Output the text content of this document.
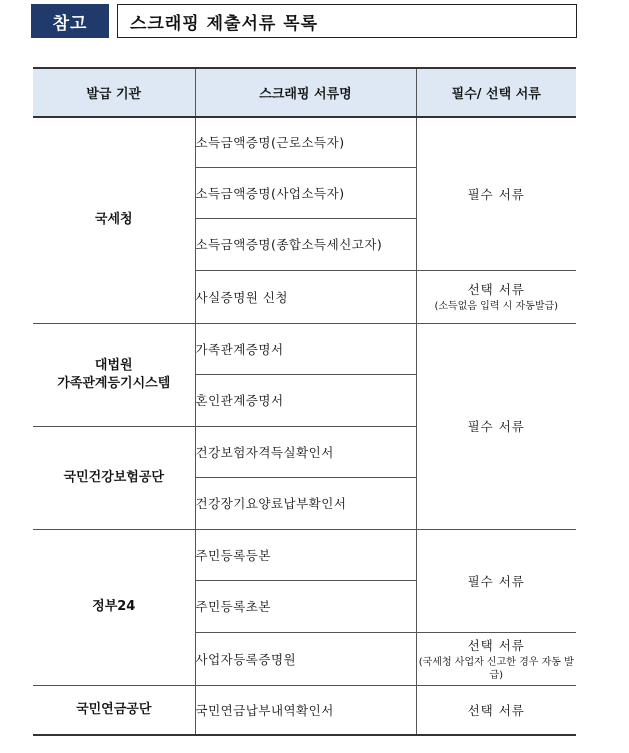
참고	스크래핑 제출서류 목록
발급 기관	스크래핑 서류명	필수/ 선택 서류
국세청	소득금액증명(근로소득자)	필수 서류

	소득금액증명(사업소득자)	
	소득금액증명(종합소득세신고자)	
	사실증명원 신청	선택 서류
(소득없음 입력 시 자동발급)

대법원
가족관계등기시스템	가족관계증명서	필수 서류

	혼인관계증명서	
국민건강보험공단	건강보험자격득실확인서	
	건강장기요양료납부확인서	
정부24	주민등록등본	필수 서류

	주민등록초본	
	사업자등록증명원	선택 서류
(국세청 사업자 신고한 경우 자동 발급)

국민연금공단	국민연금납부내역확인서	선택 서류
